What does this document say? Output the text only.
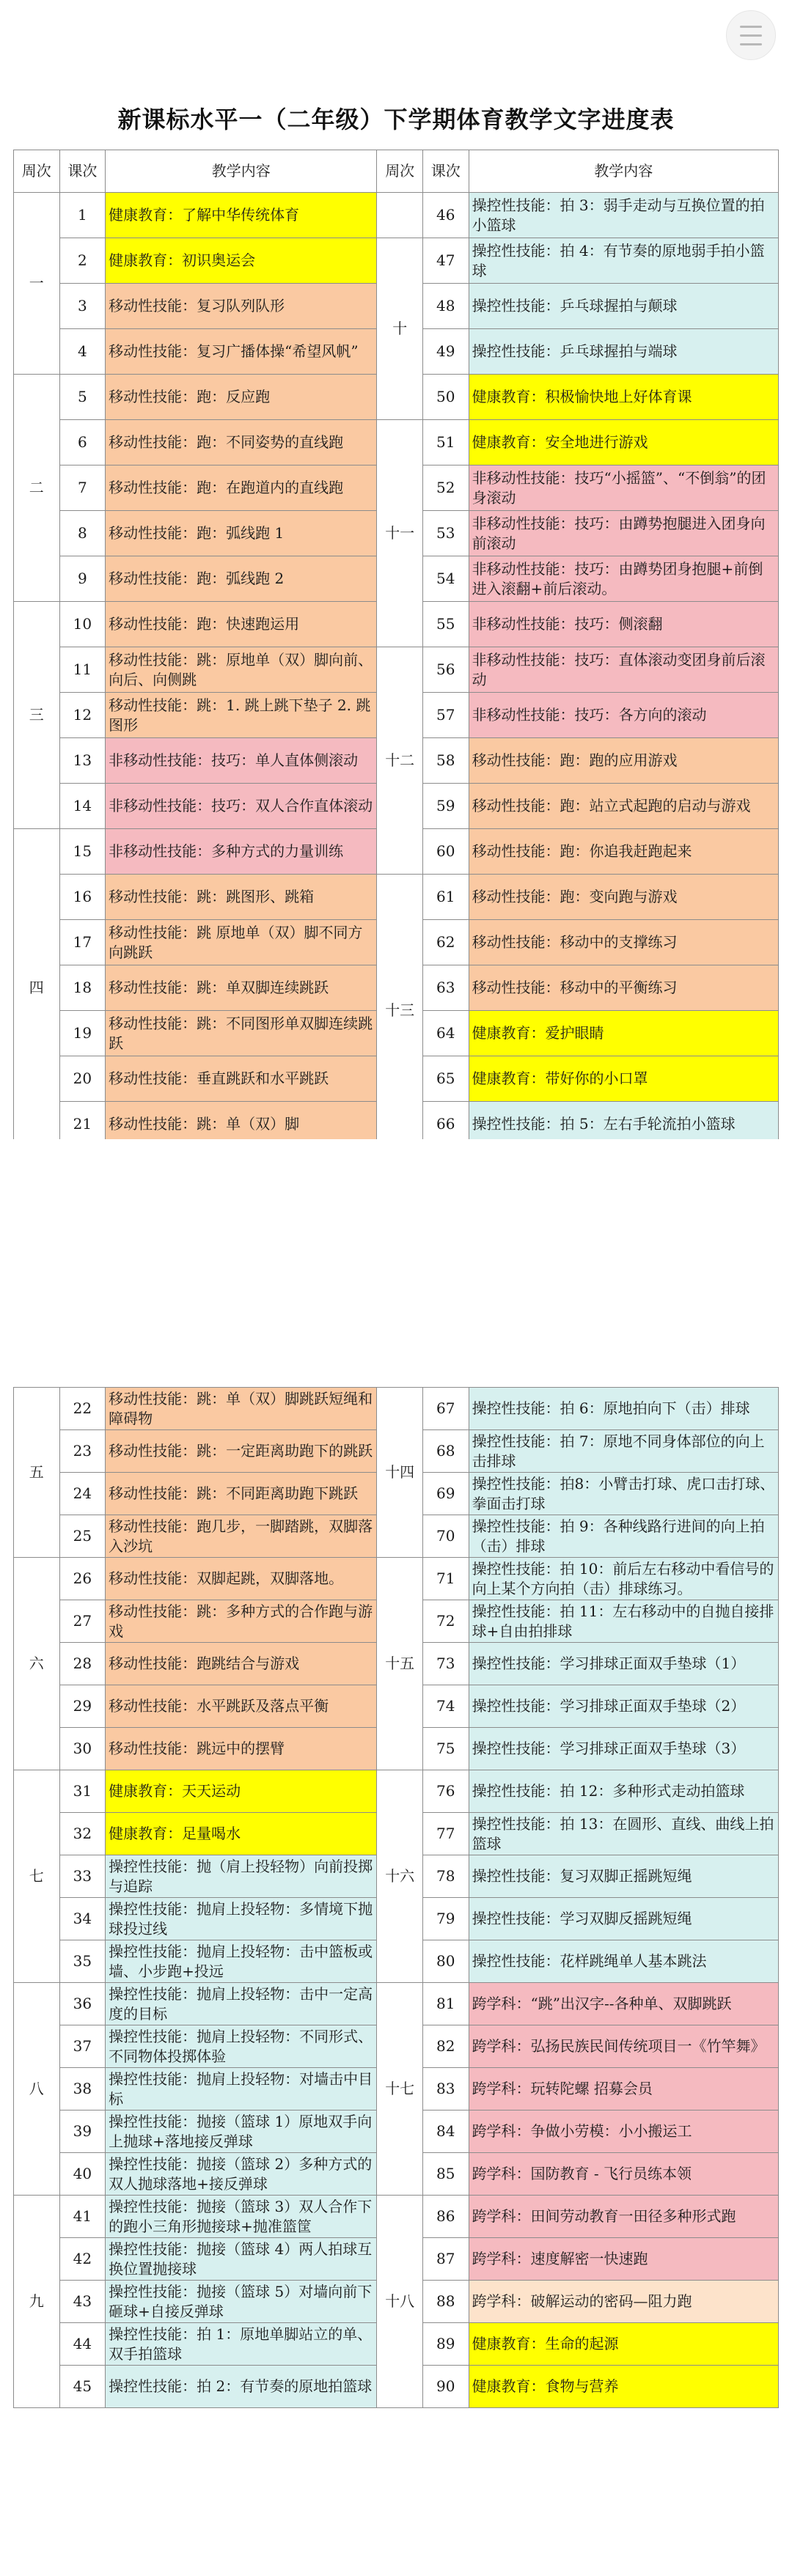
新课标水平一（二年级）下学期体育教学文字进度表
周次	课次	教学内容	周次	课次	教学内容
一	1	健康教育：了解中华传统体育		46	操控性技能：拍 3：弱手走动与互换位置的拍小篮球
	2	健康教育：初识奥运会	十	47	操控性技能：拍 4：有节奏的原地弱手拍小篮球
	3	移动性技能：复习队列队形		48	操控性技能：乒乓球握拍与颠球
	4	移动性技能：复习广播体操“希望风帆”		49	操控性技能：乒乓球握拍与端球
二	5	移动性技能：跑：反应跑		50	健康教育：积极愉快地上好体育课
	6	移动性技能：跑：不同姿势的直线跑	十一	51	健康教育：安全地进行游戏
	7	移动性技能：跑：在跑道内的直线跑		52	非移动性技能：技巧“小摇篮”、“不倒翁”的团身滚动
	8	移动性技能：跑：弧线跑 1		53	非移动性技能：技巧：由蹲势抱腿进入团身向前滚动
	9	移动性技能：跑：弧线跑 2		54	非移动性技能：技巧：由蹲势团身抱腿+前倒进入滚翻+前后滚动。
三	10	移动性技能：跑：快速跑运用		55	非移动性技能：技巧：侧滚翻
	11	移动性技能：跳：原地单（双）脚向前、向后、向侧跳	十二	56	非移动性技能：技巧：直体滚动变团身前后滚动
	12	移动性技能：跳：1. 跳上跳下垫子 2. 跳图形		57	非移动性技能：技巧：各方向的滚动
	13	非移动性技能：技巧：单人直体侧滚动		58	移动性技能：跑：跑的应用游戏
	14	非移动性技能：技巧：双人合作直体滚动		59	移动性技能：跑：站立式起跑的启动与游戏
四	15	非移动性技能：多种方式的力量训练		60	移动性技能：跑：你追我赶跑起来
	16	移动性技能：跳：跳图形、跳箱	十三	61	移动性技能：跑：变向跑与游戏
	17	移动性技能：跳 原地单（双）脚不同方向跳跃		62	移动性技能：移动中的支撑练习
	18	移动性技能：跳：单双脚连续跳跃		63	移动性技能：移动中的平衡练习
	19	移动性技能：跳：不同图形单双脚连续跳跃		64	健康教育：爱护眼睛
	20	移动性技能：垂直跳跃和水平跳跃		65	健康教育：带好你的小口罩
	21	移动性技能：跳：单（双）脚		66	操控性技能：拍 5：左右手轮流拍小篮球
五	22	移动性技能：跳：单（双）脚跳跃短绳和障碍物	十四	67	操控性技能：拍 6：原地拍向下（击）排球
	23	移动性技能：跳：一定距离助跑下的跳跃		68	操控性技能：拍 7：原地不同身体部位的向上击排球
	24	移动性技能：跳：不同距离助跑下跳跃		69	操控性技能：拍8：小臂击打球、虎口击打球、拳面击打球
	25	移动性技能：跑几步，一脚踏跳，双脚落入沙坑		70	操控性技能：拍 9：各种线路行进间的向上拍（击）排球
六	26	移动性技能：双脚起跳，双脚落地。	十五	71	操控性技能：拍 10：前后左右移动中看信号的向上某个方向拍（击）排球练习。
	27	移动性技能：跳：多种方式的合作跑与游戏		72	操控性技能：拍 11：左右移动中的自抛自接排球+自由拍排球
	28	移动性技能：跑跳结合与游戏		73	操控性技能：学习排球正面双手垫球（1）
	29	移动性技能：水平跳跃及落点平衡		74	操控性技能：学习排球正面双手垫球（2）
	30	移动性技能：跳远中的摆臂		75	操控性技能：学习排球正面双手垫球（3）
七	31	健康教育：天天运动	十六	76	操控性技能：拍 12：多种形式走动拍篮球
	32	健康教育：足量喝水		77	操控性技能：拍 13：在圆形、直线、曲线上拍篮球
	33	操控性技能：抛（肩上投轻物）向前投掷与追踪		78	操控性技能：复习双脚正摇跳短绳
	34	操控性技能：抛肩上投轻物：多情境下抛球投过线		79	操控性技能：学习双脚反摇跳短绳
	35	操控性技能：抛肩上投轻物：击中篮板或墙、小步跑+投远		80	操控性技能：花样跳绳单人基本跳法
八	36	操控性技能：抛肩上投轻物：击中一定高度的目标	十七	81	跨学科：“跳”出汉字--各种单、双脚跳跃
	37	操控性技能：抛肩上投轻物：不同形式、不同物体投掷体验		82	跨学科：弘扬民族民间传统项目一《竹竿舞》
	38	操控性技能：抛肩上投轻物：对墙击中目标		83	跨学科：玩转陀螺 招募会员
	39	操控性技能：抛接（篮球 1）原地双手向上抛球+落地接反弹球		84	跨学科：争做小劳模：小小搬运工
	40	操控性技能：抛接（篮球 2）多种方式的双人抛球落地+接反弹球		85	跨学科：国防教育 - 飞行员练本领
九	41	操控性技能：抛接（篮球 3）双人合作下的跑小三角形抛接球+抛准篮筐	十八	86	跨学科：田间劳动教育一田径多种形式跑
	42	操控性技能：抛接（篮球 4）两人拍球互换位置抛接球		87	跨学科：速度解密一快速跑
	43	操控性技能：抛接（篮球 5）对墙向前下砸球+自接反弹球		88	跨学科：破解运动的密码—阻力跑
	44	操控性技能：拍 1：原地单脚站立的单、双手拍篮球		89	健康教育：生命的起源
	45	操控性技能：拍 2：有节奏的原地拍篮球		90	健康教育：食物与营养
